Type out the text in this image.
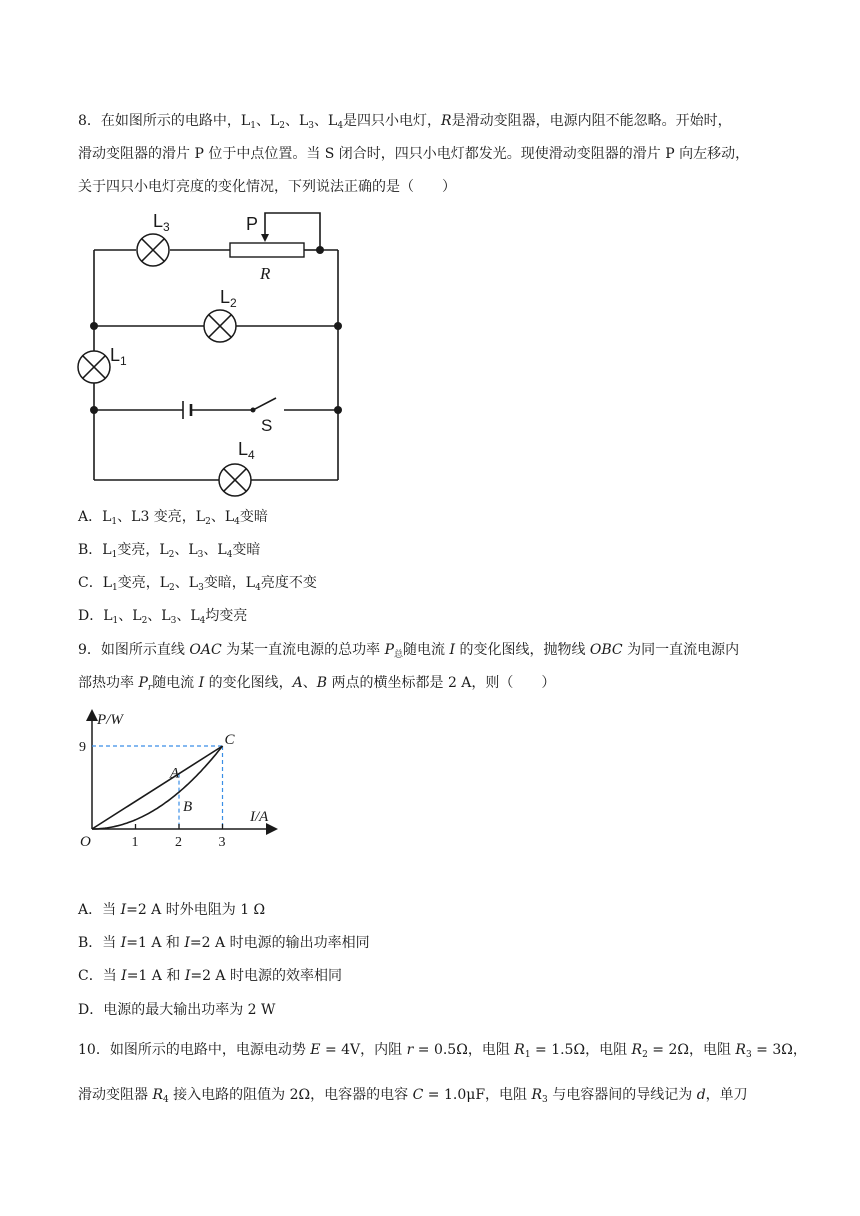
8．在如图所示的电路中，$L_1$、$L_2$、$L_3$、$L_4$是四只小电灯，R是滑动变阻器，电源内阻不能忽略。开始时，
滑动变阻器的滑片 P 位于中点位置。当 S 闭合时，四只小电灯都发光。现使滑动变阻器的滑片 P 向左移动，
关于四只小电灯亮度的变化情况，下列说法正确的是（　　）
$L_3$	P
R
$L_2$
$L_1$
S
$L_4$
A．$L_1$、L3 变亮，$L_2$、$L_4$变暗
B．$L_1$变亮，$L_2$、$L_3$、$L_4$变暗
C．$L_1$变亮，$L_2$、$L_3$变暗，$L_4$亮度不变
D．$L_1$、$L_2$、$L_3$、$L_4$均变亮
9．如图所示直线 OAC 为某一直流电源的总功率 $P_总$随电流 I 的变化图线，抛物线 OBC 为同一直流电源内
部热功率 $P_r$随电流 I 的变化图线，A、B 两点的横坐标都是 2 A，则（　　）
1	2	3
9
P/W
I/A
O
A
B
C
A．当 I=2 A 时外电阻为 1 Ω
B．当 I=1 A 和 I=2 A 时电源的输出功率相同
C．当 I=1 A 和 I=2 A 时电源的效率相同
D．电源的最大输出功率为 2 W
10．如图所示的电路中，电源电动势 E = 4V，内阻 r = 0.5Ω，电阻 $R_1 = 1.5\Omega$，电阻 $R_2 = 2\Omega$，电阻 $R_3 = 3\Omega$，
滑动变阻器 $R_4$ 接入电路的阻值为 2Ω，电容器的电容 C = 1.0μF，电阻 $R_3$ 与电容器间的导线记为 d，单刀
